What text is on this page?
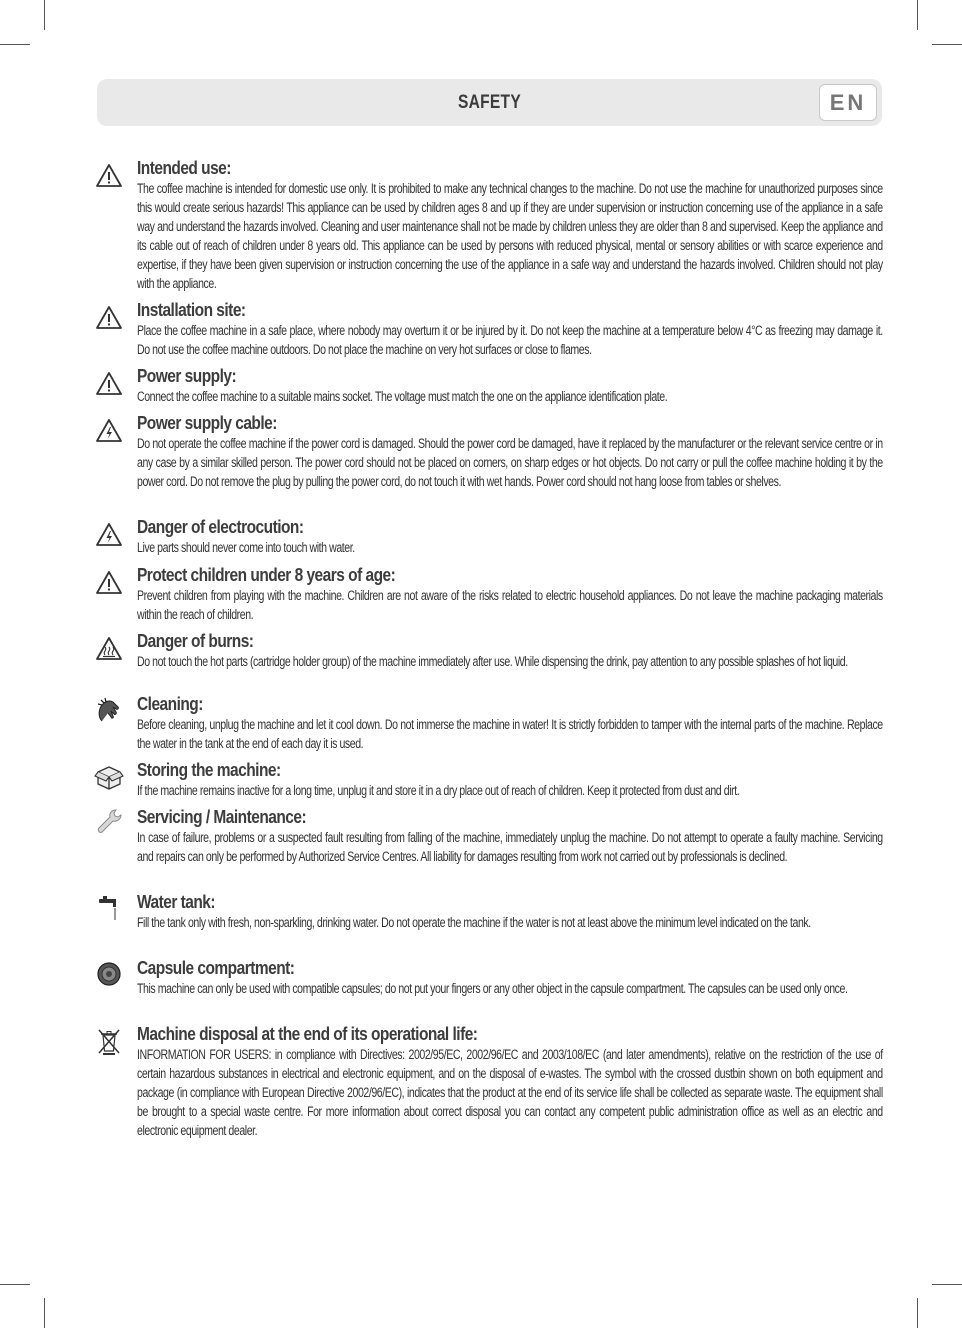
SAFETY	EN
Intended use:

The coffee machine is intended for domestic use only. It is prohibited to make any technical changes to the machine. Do not use the machine for unauthorized purposes since this would create serious hazards! This appliance can be used by children ages 8 and up if they are under supervision or instruction concerning use of the appliance in a safe way and understand the hazards involved. Cleaning and user maintenance shall not be made by children unless they are older than 8 and supervised. Keep the appliance and its cable out of reach of children under 8 years old. This appliance can be used by persons with reduced physical, mental or sensory abilities or with scarce experience and expertise, if they have been given supervision or instruction concerning the use of the appliance in a safe way and understand the hazards involved. Children should not play with the appliance.

Installation site:

Place the coffee machine in a safe place, where nobody may overturn it or be injured by it. Do not keep the machine at a temperature below 4°C as freezing may damage it. Do not use the coffee machine outdoors. Do not place the machine on very hot surfaces or close to flames.

Power supply:

Connect the coffee machine to a suitable mains socket. The voltage must match the one on the appliance identification plate.

Power supply cable:

Do not operate the coffee machine if the power cord is damaged. Should the power cord be damaged, have it replaced by the manufacturer or the relevant service centre or in any case by a similar skilled person. The power cord should not be placed on corners, on sharp edges or hot objects. Do not carry or pull the coffee machine holding it by the power cord. Do not remove the plug by pulling the power cord, do not touch it with wet hands. Power cord should not hang loose from tables or shelves.

Danger of electrocution:

Live parts should never come into touch with water.

Protect children under 8 years of age:

Prevent children from playing with the machine. Children are not aware of the risks related to electric household appliances. Do not leave the machine packaging materials within the reach of children.

Danger of burns:

Do not touch the hot parts (cartridge holder group) of the machine immediately after use. While dispensing the drink, pay attention to any possible splashes of hot liquid.

Cleaning:

Before cleaning, unplug the machine and let it cool down. Do not immerse the machine in water! It is strictly forbidden to tamper with the internal parts of the machine. Replace the water in the tank at the end of each day it is used.

Storing the machine:

If the machine remains inactive for a long time, unplug it and store it in a dry place out of reach of children. Keep it protected from dust and dirt.

Servicing / Maintenance:

In case of failure, problems or a suspected fault resulting from falling of the machine, immediately unplug the machine. Do not attempt to operate a faulty machine. Servicing and repairs can only be performed by Authorized Service Centres. All liability for damages resulting from work not carried out by professionals is declined.

Water tank:

Fill the tank only with fresh, non-sparkling, drinking water. Do not operate the machine if the water is not at least above the minimum level indicated on the tank.

Capsule compartment:

This machine can only be used with compatible capsules; do not put your fingers or any other object in the capsule compartment. The capsules can be used only once.

Machine disposal at the end of its operational life:

INFORMATION FOR USERS: in compliance with Directives: 2002/95/EC, 2002/96/EC and 2003/108/EC (and later amendments), relative on the restriction of the use of certain hazardous substances in electrical and electronic equipment, and on the disposal of e-wastes. The symbol with the crossed dustbin shown on both equipment and package (in compliance with European Directive 2002/96/EC), indicates that the product at the end of its service life shall be collected as separate waste. The equipment shall be brought to a special waste centre. For more information about correct disposal you can contact any competent public administration office as well as an electric and electronic equipment dealer.
